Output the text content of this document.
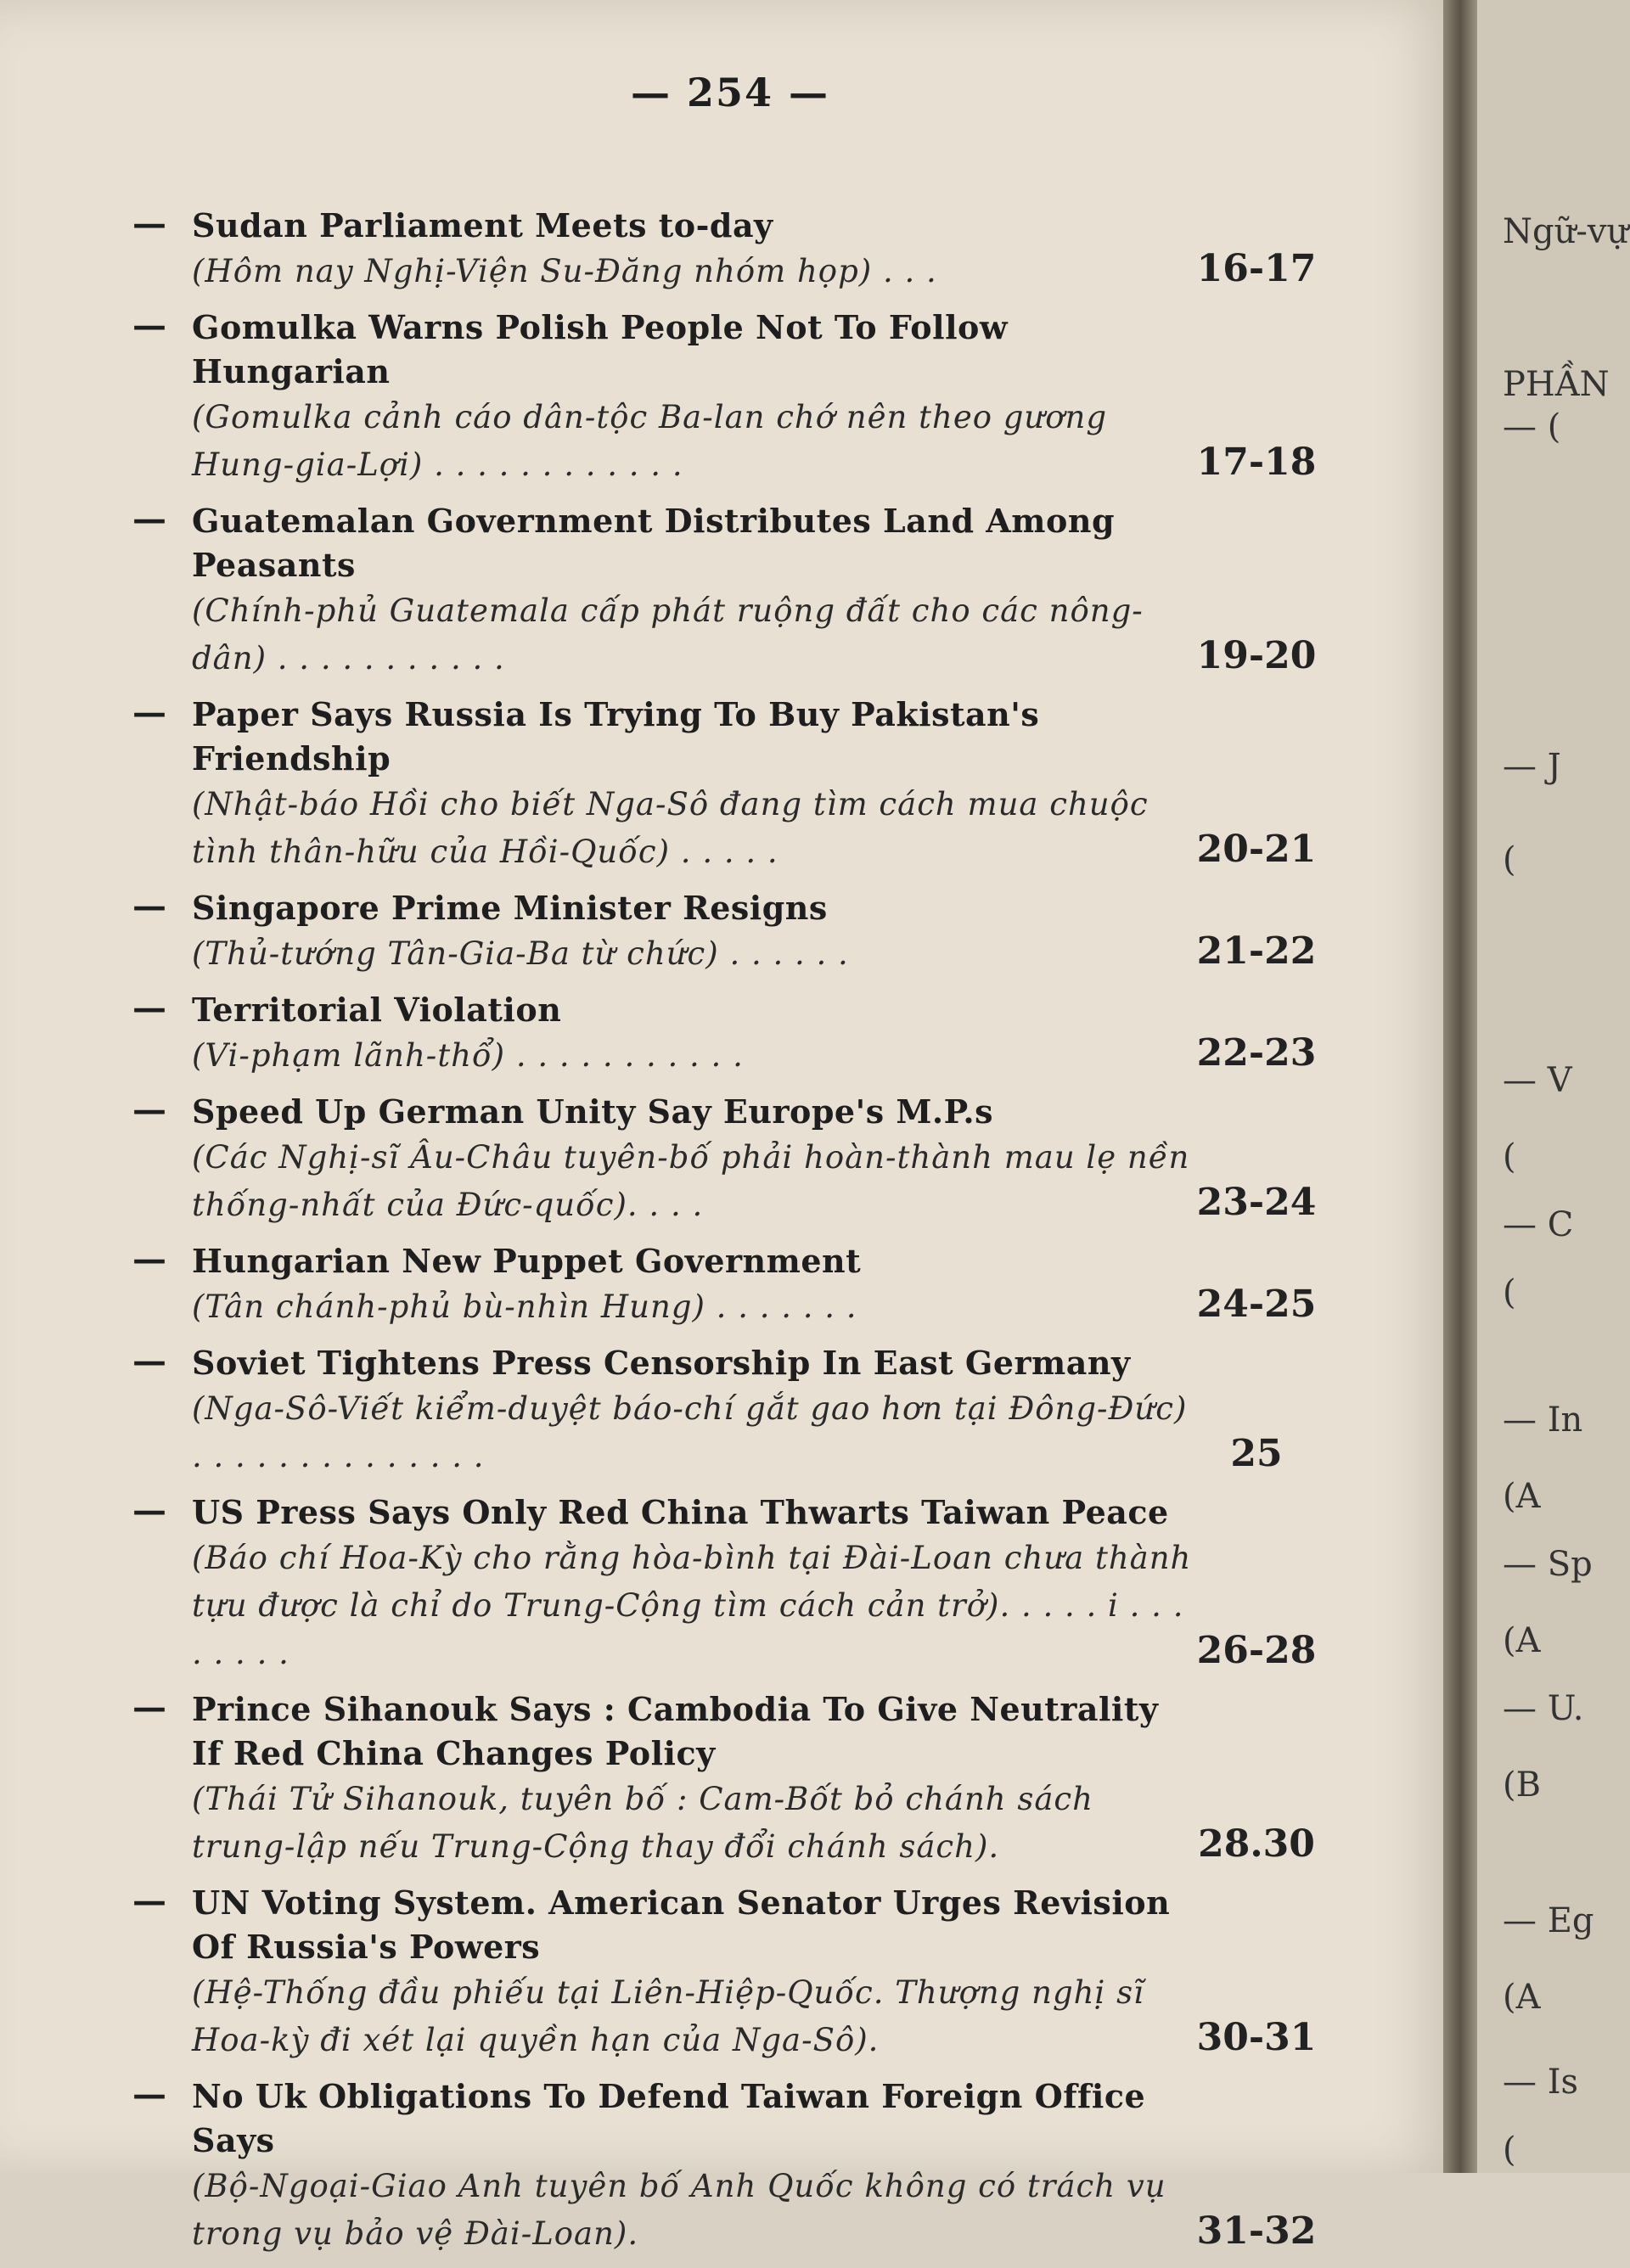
— 254 —
— Sudan Parliament Meets to-day
(Hôm nay Nghị-Viện Su-Đăng nhóm họp) . . .	16-17
— Gomulka Warns Polish People Not To Follow Hungarian
(Gomulka cảnh cáo dân-tộc Ba-lan chớ nên theo gương Hung-gia-Lợi) . . . . . . . . . . . .	17-18
— Guatemalan Government Distributes Land Among Peasants
(Chính-phủ Guatemala cấp phát ruộng đất cho các nông-dân) . . . . . . . . . . .	19-20
— Paper Says Russia Is Trying To Buy Pakistan's Friendship
(Nhật-báo Hồi cho biết Nga-Sô đang tìm cách mua chuộc tình thân-hữu của Hồi-Quốc) . . . . .	20-21
— Singapore Prime Minister Resigns
(Thủ-tướng Tân-Gia-Ba từ chức) . . . . . .	21-22
— Territorial Violation
(Vi-phạm lãnh-thổ) . . . . . . . . . . .	22-23
— Speed Up German Unity Say Europe's M.P.s
(Các Nghị-sĩ Âu-Châu tuyên-bố phải hoàn-thành mau lẹ nền thống-nhất của Đức-quốc). . . .	23-24
— Hungarian New Puppet Government
(Tân chánh-phủ bù-nhìn Hung) . . . . . . .	24-25
— Soviet Tightens Press Censorship In East Germany
(Nga-Sô-Viết kiểm-duyệt báo-chí gắt gao hơn tại Đông-Đức) . . . . . . . . . . . . . .	25
— US Press Says Only Red China Thwarts Taiwan Peace
(Báo chí Hoa-Kỳ cho rằng hòa-bình tại Đài-Loan chưa thành tựu được là chỉ do Trung-Cộng tìm cách cản trở). . . . . i . . . . . . . .	26-28
— Prince Sihanouk Says : Cambodia To Give Neutrality If Red China Changes Policy
(Thái Tử Sihanouk, tuyên bố : Cam-Bốt bỏ chánh sách trung-lập nếu Trung-Cộng thay đổi chánh sách).	28.30
— UN Voting System. American Senator Urges Revision Of Russia's Powers
(Hệ-Thống đầu phiếu tại Liên-Hiệp-Quốc. Thượng nghị sĩ Hoa-kỳ đi xét lại quyền hạn của Nga-Sô).	30-31
— No Uk Obligations To Defend Taiwan Foreign Office Says
(Bộ-Ngoại-Giao Anh tuyên bố Anh Quốc không có trách vụ trong vụ bảo vệ Đài-Loan).	31-32
Ngữ-vự
PHẦN
— (
— J
(
— V
(
— C
(
— In
(A
— Sp
(A
— U.
(B
— Eg
(A
— Is
(
